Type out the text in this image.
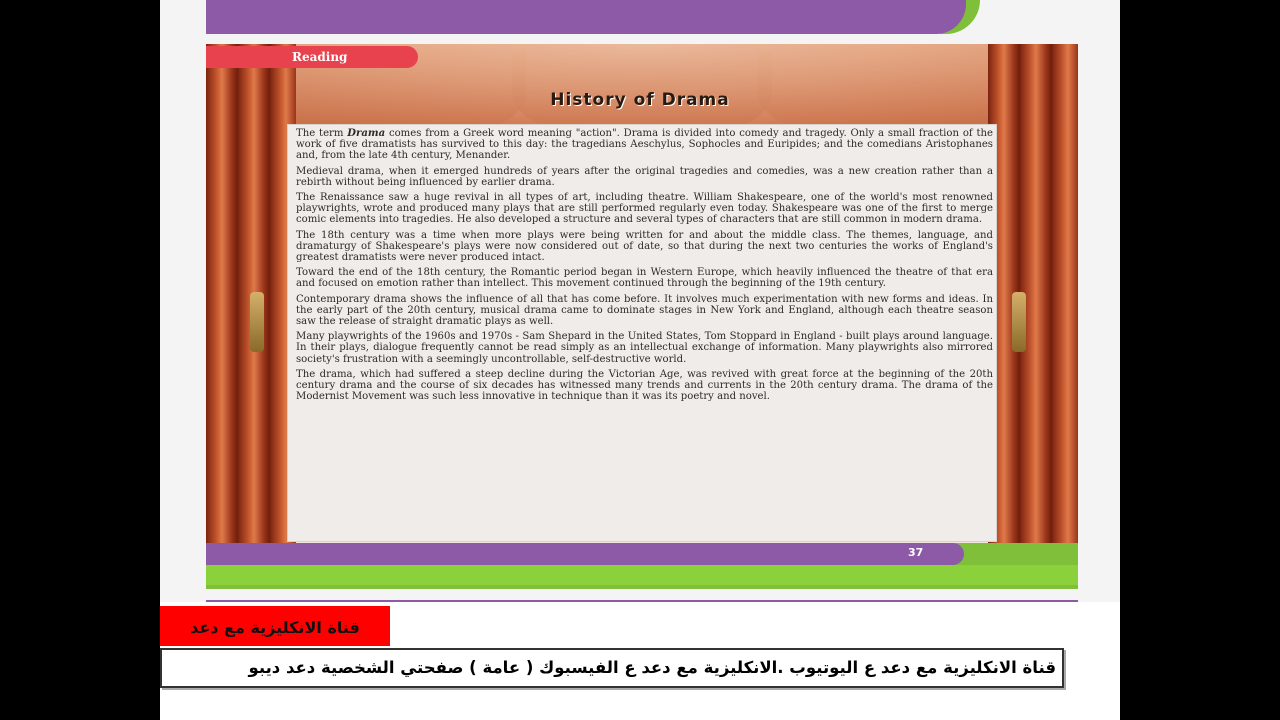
Reading
History of Drama

The term Drama comes from a Greek word meaning "action". Drama is divided into comedy and tragedy. Only a small fraction of the work of five dramatists has survived to this day: the tragedians Aeschylus, Sophocles and Euripides; and the comedians Aristophanes and, from the late 4th century, Menander.

Medieval drama, when it emerged hundreds of years after the original tragedies and comedies, was a new creation rather than a rebirth without being influenced by earlier drama.

The Renaissance saw a huge revival in all types of art, including theatre. William Shakespeare, one of the world's most renowned playwrights, wrote and produced many plays that are still performed regularly even today. Shakespeare was one of the first to merge comic elements into tragedies. He also developed a structure and several types of characters that are still common in modern drama.

The 18th century was a time when more plays were being written for and about the middle class. The themes, language, and dramaturgy of Shakespeare's plays were now considered out of date, so that during the next two centuries the works of England's greatest dramatists were never produced intact.

Toward the end of the 18th century, the Romantic period began in Western Europe, which heavily influenced the theatre of that era and focused on emotion rather than intellect. This movement continued through the beginning of the 19th century.

Contemporary drama shows the influence of all that has come before. It involves much experimentation with new forms and ideas. In the early part of the 20th century, musical drama came to dominate stages in New York and England, although each theatre season saw the release of straight dramatic plays as well.

Many playwrights of the 1960s and 1970s - Sam Shepard in the United States, Tom Stoppard in England - built plays around language. In their plays, dialogue frequently cannot be read simply as an intellectual exchange of information. Many playwrights also mirrored society's frustration with a seemingly uncontrollable, self-destructive world.

The drama, which had suffered a steep decline during the Victorian Age, was revived with great force at the beginning of the 20th century drama and the course of six decades has witnessed many trends and currents in the 20th century drama. The drama of the Modernist Movement was such less innovative in technique than it was its poetry and novel.

37
قناة الانكليزية مع دعد
قناة الانكليزية مع دعد ع اليوتيوب .الانكليزية مع دعد ع الفيسبوك ( عامة ) صفحتي الشخصية دعد ديبو
